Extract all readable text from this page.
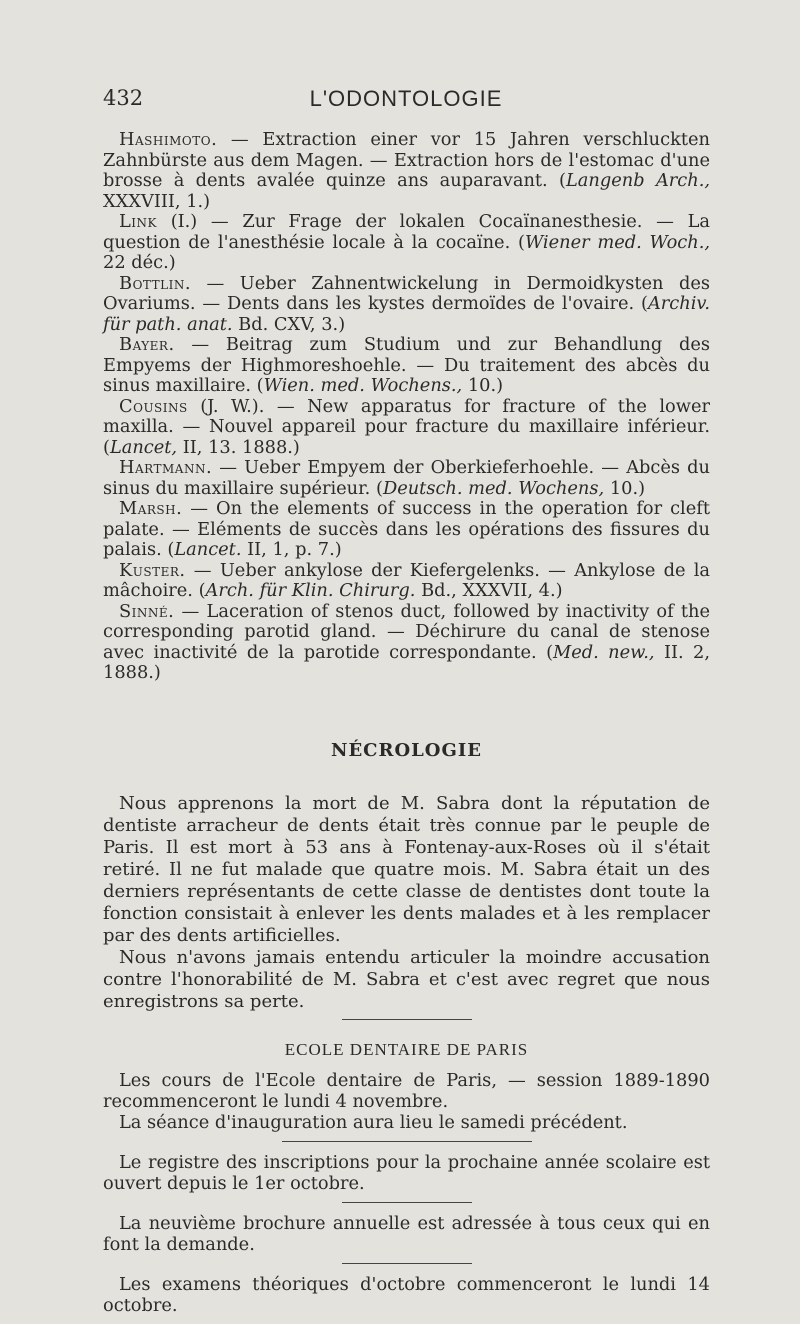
432	L'ODONTOLOGIE

Hashimoto. — Extraction einer vor 15 Jahren verschluckten Zahnbürste aus dem Magen. — Extraction hors de l'estomac d'une brosse à dents avalée quinze ans auparavant. (Langenb Arch., XXXVIII, 1.)

Link (I.) — Zur Frage der lokalen Cocaïnanesthesie. — La question de l'anesthésie locale à la cocaïne. (Wiener med. Woch., 22 déc.)

Bottlin. — Ueber Zahnentwickelung in Dermoidkysten des Ovariums. — Dents dans les kystes dermoïdes de l'ovaire. (Archiv. für path. anat. Bd. CXV, 3.)

Bayer. — Beitrag zum Studium und zur Behandlung des Empyems der Highmoreshoehle. — Du traitement des abcès du sinus maxillaire. (Wien. med. Wochens., 10.)

Cousins (J. W.). — New apparatus for fracture of the lower maxilla. — Nouvel appareil pour fracture du maxillaire inférieur. (Lancet, II, 13. 1888.)

Hartmann. — Ueber Empyem der Oberkieferhoehle. — Abcès du sinus du maxillaire supérieur. (Deutsch. med. Wochens, 10.)

Marsh. — On the elements of success in the operation for cleft palate. — Eléments de succès dans les opérations des fissures du palais. (Lancet. II, 1, p. 7.)

Kuster. — Ueber ankylose der Kiefergelenks. — Ankylose de la mâchoire. (Arch. für Klin. Chirurg. Bd., XXXVII, 4.)

Sinné. — Laceration of stenos duct, followed by inactivity of the corresponding parotid gland. — Déchirure du canal de stenose avec inactivité de la parotide correspondante. (Med. new., II. 2, 1888.)

NÉCROLOGIE

Nous apprenons la mort de M. Sabra dont la réputation de dentiste arracheur de dents était très connue par le peuple de Paris. Il est mort à 53 ans à Fontenay-aux-Roses où il s'était retiré. Il ne fut malade que quatre mois. M. Sabra était un des derniers représentants de cette classe de dentistes dont toute la fonction consistait à enlever les dents malades et à les remplacer par des dents artificielles.

Nous n'avons jamais entendu articuler la moindre accusation contre l'honorabilité de M. Sabra et c'est avec regret que nous enregistrons sa perte.

ECOLE DENTAIRE DE PARIS

Les cours de l'Ecole dentaire de Paris, — session 1889-1890 recommenceront le lundi 4 novembre.

La séance d'inauguration aura lieu le samedi précédent.

Le registre des inscriptions pour la prochaine année scolaire est ouvert depuis le 1er octobre.

La neuvième brochure annuelle est adressée à tous ceux qui en font la demande.

Les examens théoriques d'octobre commenceront le lundi 14 octobre.
